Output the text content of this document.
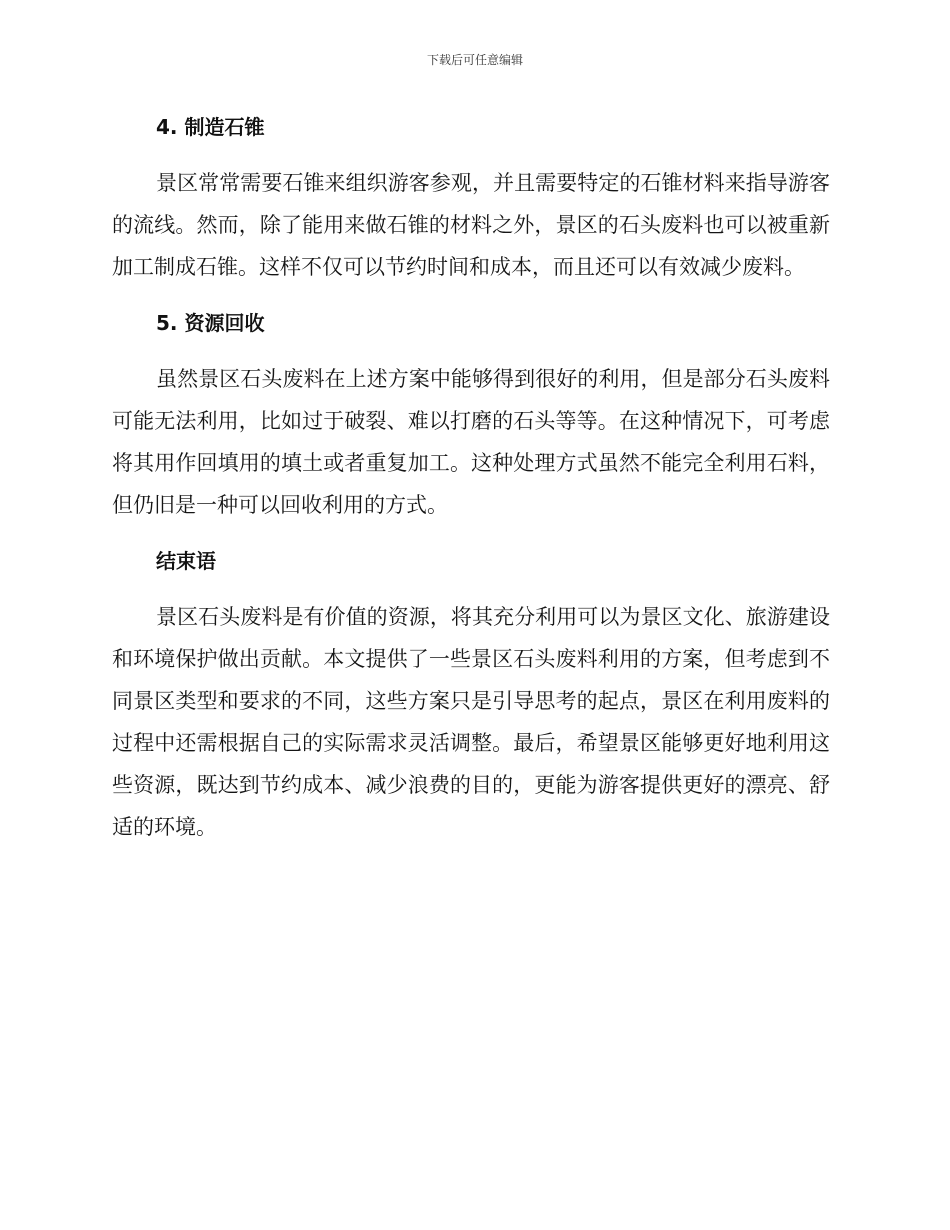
下载后可任意编辑
4. 制造石锥

景区常常需要石锥来组织游客参观，并且需要特定的石锥材料来指导游客的流线。然而，除了能用来做石锥的材料之外，景区的石头废料也可以被重新加工制成石锥。这样不仅可以节约时间和成本，而且还可以有效减少废料。

5. 资源回收

虽然景区石头废料在上述方案中能够得到很好的利用，但是部分石头废料可能无法利用，比如过于破裂、难以打磨的石头等等。在这种情况下，可考虑将其用作回填用的填土或者重复加工。这种处理方式虽然不能完全利用石料，但仍旧是一种可以回收利用的方式。

结束语

景区石头废料是有价值的资源，将其充分利用可以为景区文化、旅游建设和环境保护做出贡献。本文提供了一些景区石头废料利用的方案，但考虑到不同景区类型和要求的不同，这些方案只是引导思考的起点，景区在利用废料的过程中还需根据自己的实际需求灵活调整。最后，希望景区能够更好地利用这些资源，既达到节约成本、减少浪费的目的，更能为游客提供更好的漂亮、舒适的环境。
